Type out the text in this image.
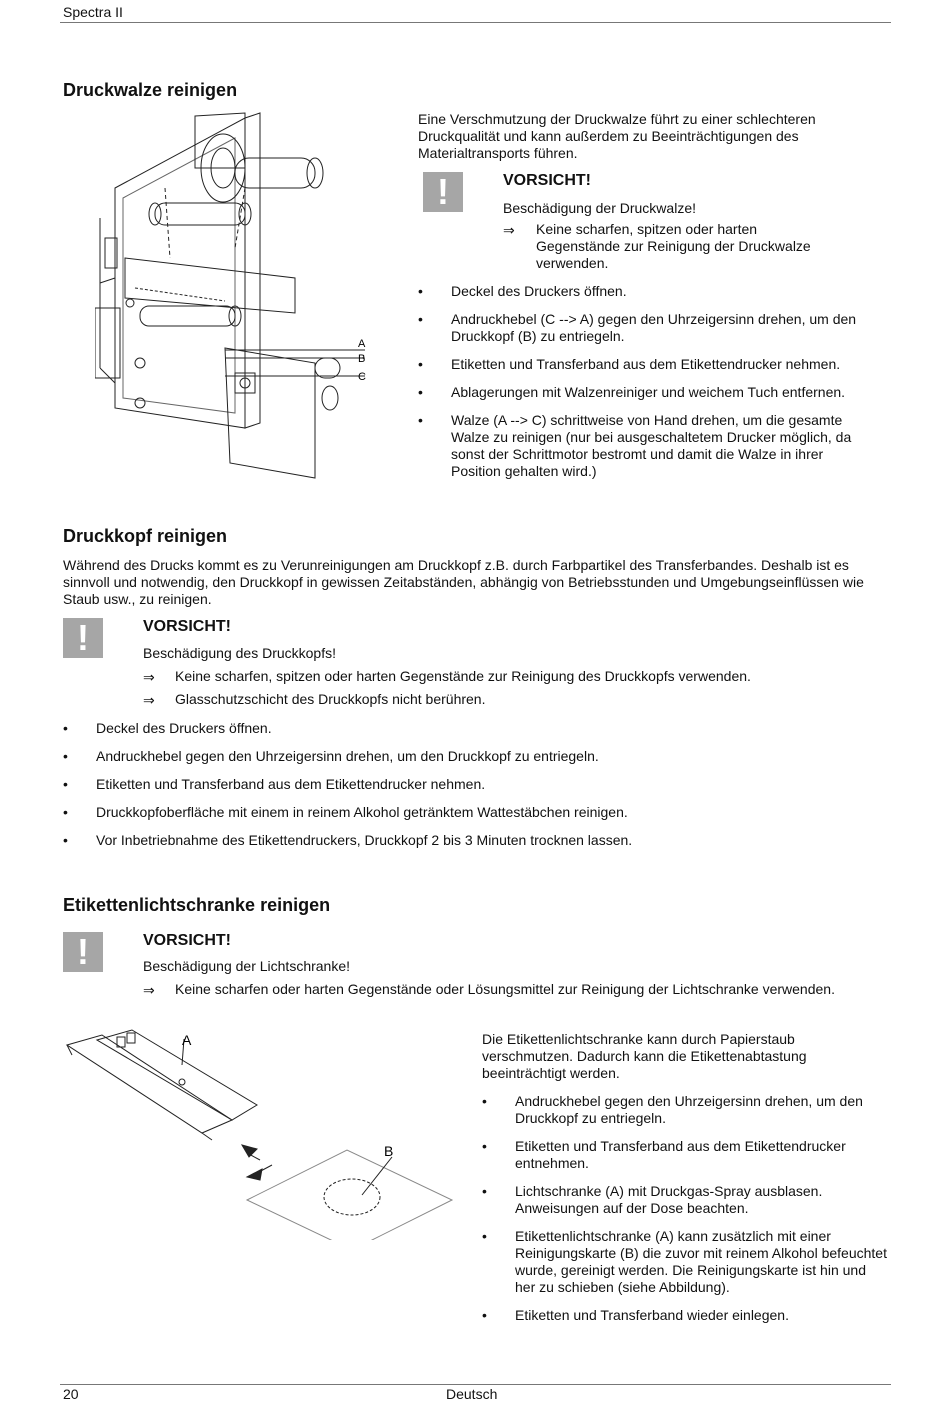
Spectra II
Druckwalze reinigen
A
B
C
Eine Verschmutzung der Druckwalze führt zu einer schlechteren Druckqualität und kann außerdem zu Beeinträchtigungen des Materialtransports führen.
!	VORSICHT!
Beschädigung der Druckwalze!
⇒ Keine scharfen, spitzen oder harten Gegenstände zur Reinigung der Druckwalze verwenden.
• Deckel des Druckers öffnen.
• Andruckhebel (C --> A) gegen den Uhrzeigersinn drehen, um den Druckkopf (B) zu entriegeln.
• Etiketten und Transferband aus dem Etikettendrucker nehmen.
• Ablagerungen mit Walzenreiniger und weichem Tuch entfernen.
• Walze (A --> C) schrittweise von Hand drehen, um die gesamte Walze zu reinigen (nur bei ausgeschaltetem Drucker möglich, da sonst der Schrittmotor bestromt und damit die Walze in ihrer Position gehalten wird.)
Druckkopf reinigen
Während des Drucks kommt es zu Verunreinigungen am Druckkopf z.B. durch Farbpartikel des Transferbandes. Deshalb ist es sinnvoll und notwendig, den Druckkopf in gewissen Zeitabständen, abhängig von Betriebsstunden und Umgebungseinflüssen wie Staub usw., zu reinigen.
!	VORSICHT!
Beschädigung des Druckkopfs!
⇒ Keine scharfen, spitzen oder harten Gegenstände zur Reinigung des Druckkopfs verwenden.
⇒ Glasschutzschicht des Druckkopfs nicht berühren.
• Deckel des Druckers öffnen.
• Andruckhebel gegen den Uhrzeigersinn drehen, um den Druckkopf zu entriegeln.
• Etiketten und Transferband aus dem Etikettendrucker nehmen.
• Druckkopfoberfläche mit einem in reinem Alkohol getränktem Wattestäbchen reinigen.
• Vor Inbetriebnahme des Etikettendruckers, Druckkopf 2 bis 3 Minuten trocknen lassen.
Etikettenlichtschranke reinigen
!	VORSICHT!
Beschädigung der Lichtschranke!
⇒ Keine scharfen oder harten Gegenstände oder Lösungsmittel zur Reinigung der Lichtschranke verwenden.
A
B
Die Etikettenlichtschranke kann durch Papierstaub verschmutzen. Dadurch kann die Etikettenabtastung beeinträchtigt werden.
• Andruckhebel gegen den Uhrzeigersinn drehen, um den Druckkopf zu entriegeln.
• Etiketten und Transferband aus dem Etikettendrucker entnehmen.
• Lichtschranke (A) mit Druckgas-Spray ausblasen. Anweisungen auf der Dose beachten.
• Etikettenlichtschranke (A) kann zusätzlich mit einer Reinigungskarte (B) die zuvor mit reinem Alkohol befeuchtet wurde, gereinigt werden. Die Reinigungskarte ist hin und her zu schieben (siehe Abbildung).
• Etiketten und Transferband wieder einlegen.
20	Deutsch
